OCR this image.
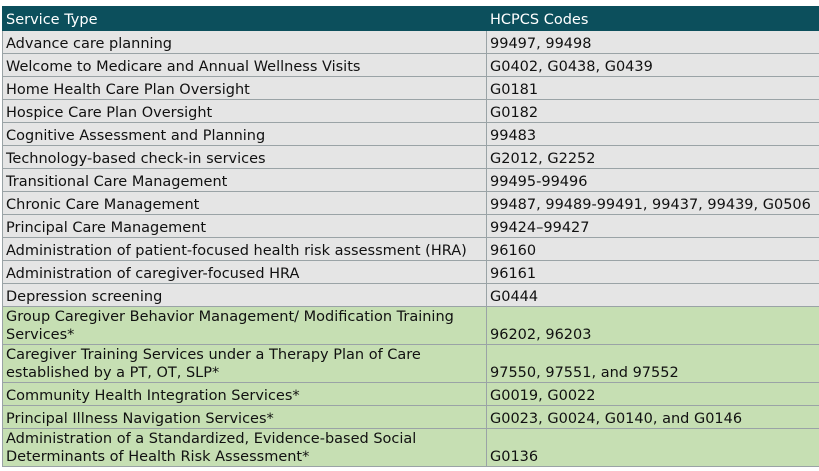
Service Type	HCPCS Codes
Advance care planning	99497, 99498
Welcome to Medicare and Annual Wellness Visits	G0402, G0438, G0439
Home Health Care Plan Oversight	G0181
Hospice Care Plan Oversight	G0182
Cognitive Assessment and Planning	99483
Technology-based check-in services	G2012, G2252
Transitional Care Management	99495-99496
Chronic Care Management	99487, 99489-99491, 99437, 99439, G0506
Principal Care Management	99424–99427
Administration of patient-focused health risk assessment (HRA)	96160
Administration of caregiver-focused HRA	96161
Depression screening	G0444
Group Caregiver Behavior Management/ Modification Training Services*	96202, 96203
Caregiver Training Services under a Therapy Plan of Care established by a PT, OT, SLP*	97550, 97551, and 97552
Community Health Integration Services*	G0019, G0022
Principal Illness Navigation Services*	G0023, G0024, G0140, and G0146
Administration of a Standardized, Evidence-based Social Determinants of Health Risk Assessment*	G0136
